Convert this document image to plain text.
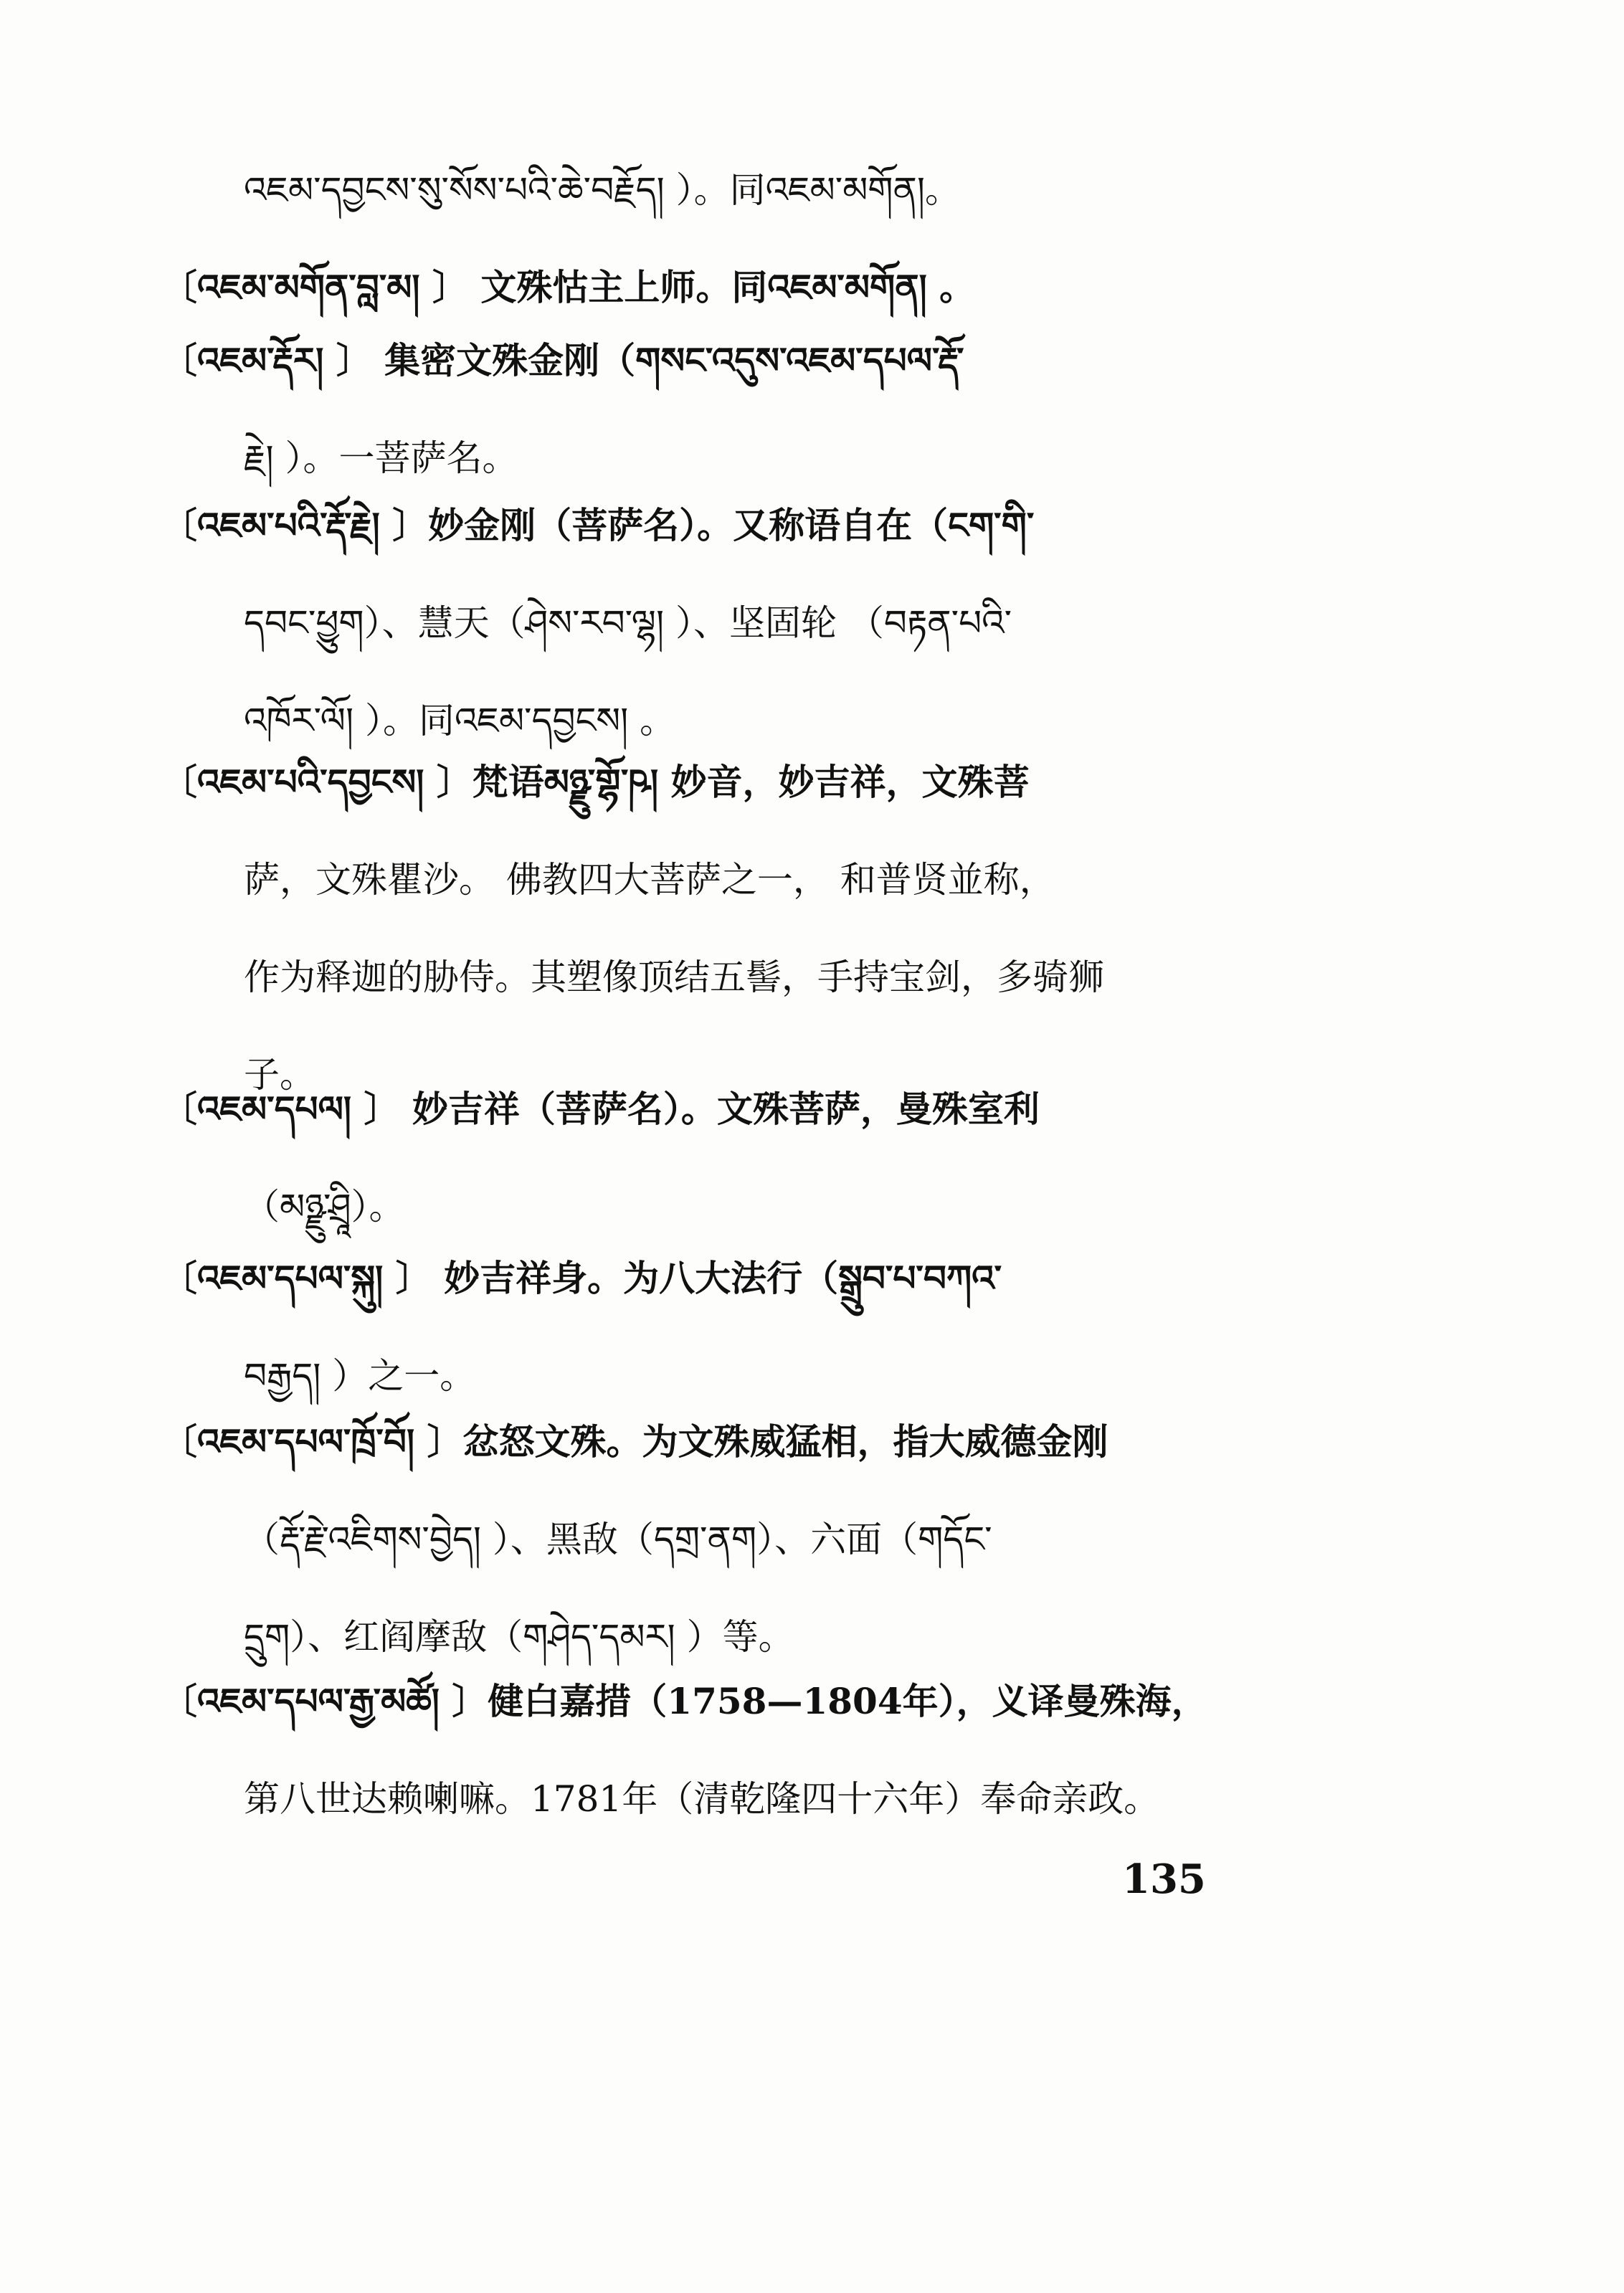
འཇམ་དབྱངས་སུ་སོས་པའི་ཆེ་བརྗོད། ）。同འཇམ་མགོན།。
〔འཇམ་མགོན་བླ་མ། 〕 文殊怙主上师。同འཇམ་མགོན། 。
〔འཇམ་རྡོར། 〕 集密文殊金刚（གསང་འདུས་འཇམ་དཔལ་རྡོ་
རྗེ། ）。一菩萨名。
〔འཇམ་པའི་རྡོ་རྗེ། 〕妙金刚（菩萨名）。又称语自在（ངག་གི་
དབང་ཕྱུག）、慧天（ཤེས་རབ་ལྷ། ）、坚固轮 （བརྟན་པའི་
འཁོར་ལོ། ）。同འཇམ་དབྱངས། 。
〔འཇམ་པའི་དབྱངས། 〕梵语མཉྫུ་གྷོ་ཥ། 妙音，妙吉祥，文殊菩
萨，文殊瞿沙。 佛教四大菩萨之一， 和普贤並称，
作为释迦的胁侍。其塑像顶结五髻，手持宝剑，多骑狮
子。
〔འཇམ་དཔལ། 〕 妙吉祥（菩萨名）。文殊菩萨，曼殊室利
（མཉྫུ་ཤྲཱི）。
〔འཇམ་དཔལ་སྐུ། 〕 妙吉祥身。为八大法行（སྒྲུབ་པ་བཀའ་
བརྒྱད། ）之一。
〔འཇམ་དཔལ་ཁྲོ་བོ། 〕忿怒文殊。为文殊威猛相，指大威德金刚
（རྡོ་རྗེ་འཇིགས་བྱེད། ）、黑敌（དགྲ་ནག）、六面（གདོང་
དྲུག）、红阎摩敌（གཤེད་དམར། ）等。
〔འཇམ་དཔལ་རྒྱ་མཚོ། 〕健白嘉措（1758—1804年），义译曼殊海，
第八世达赖喇嘛。1781年（清乾隆四十六年）奉命亲政。
135
